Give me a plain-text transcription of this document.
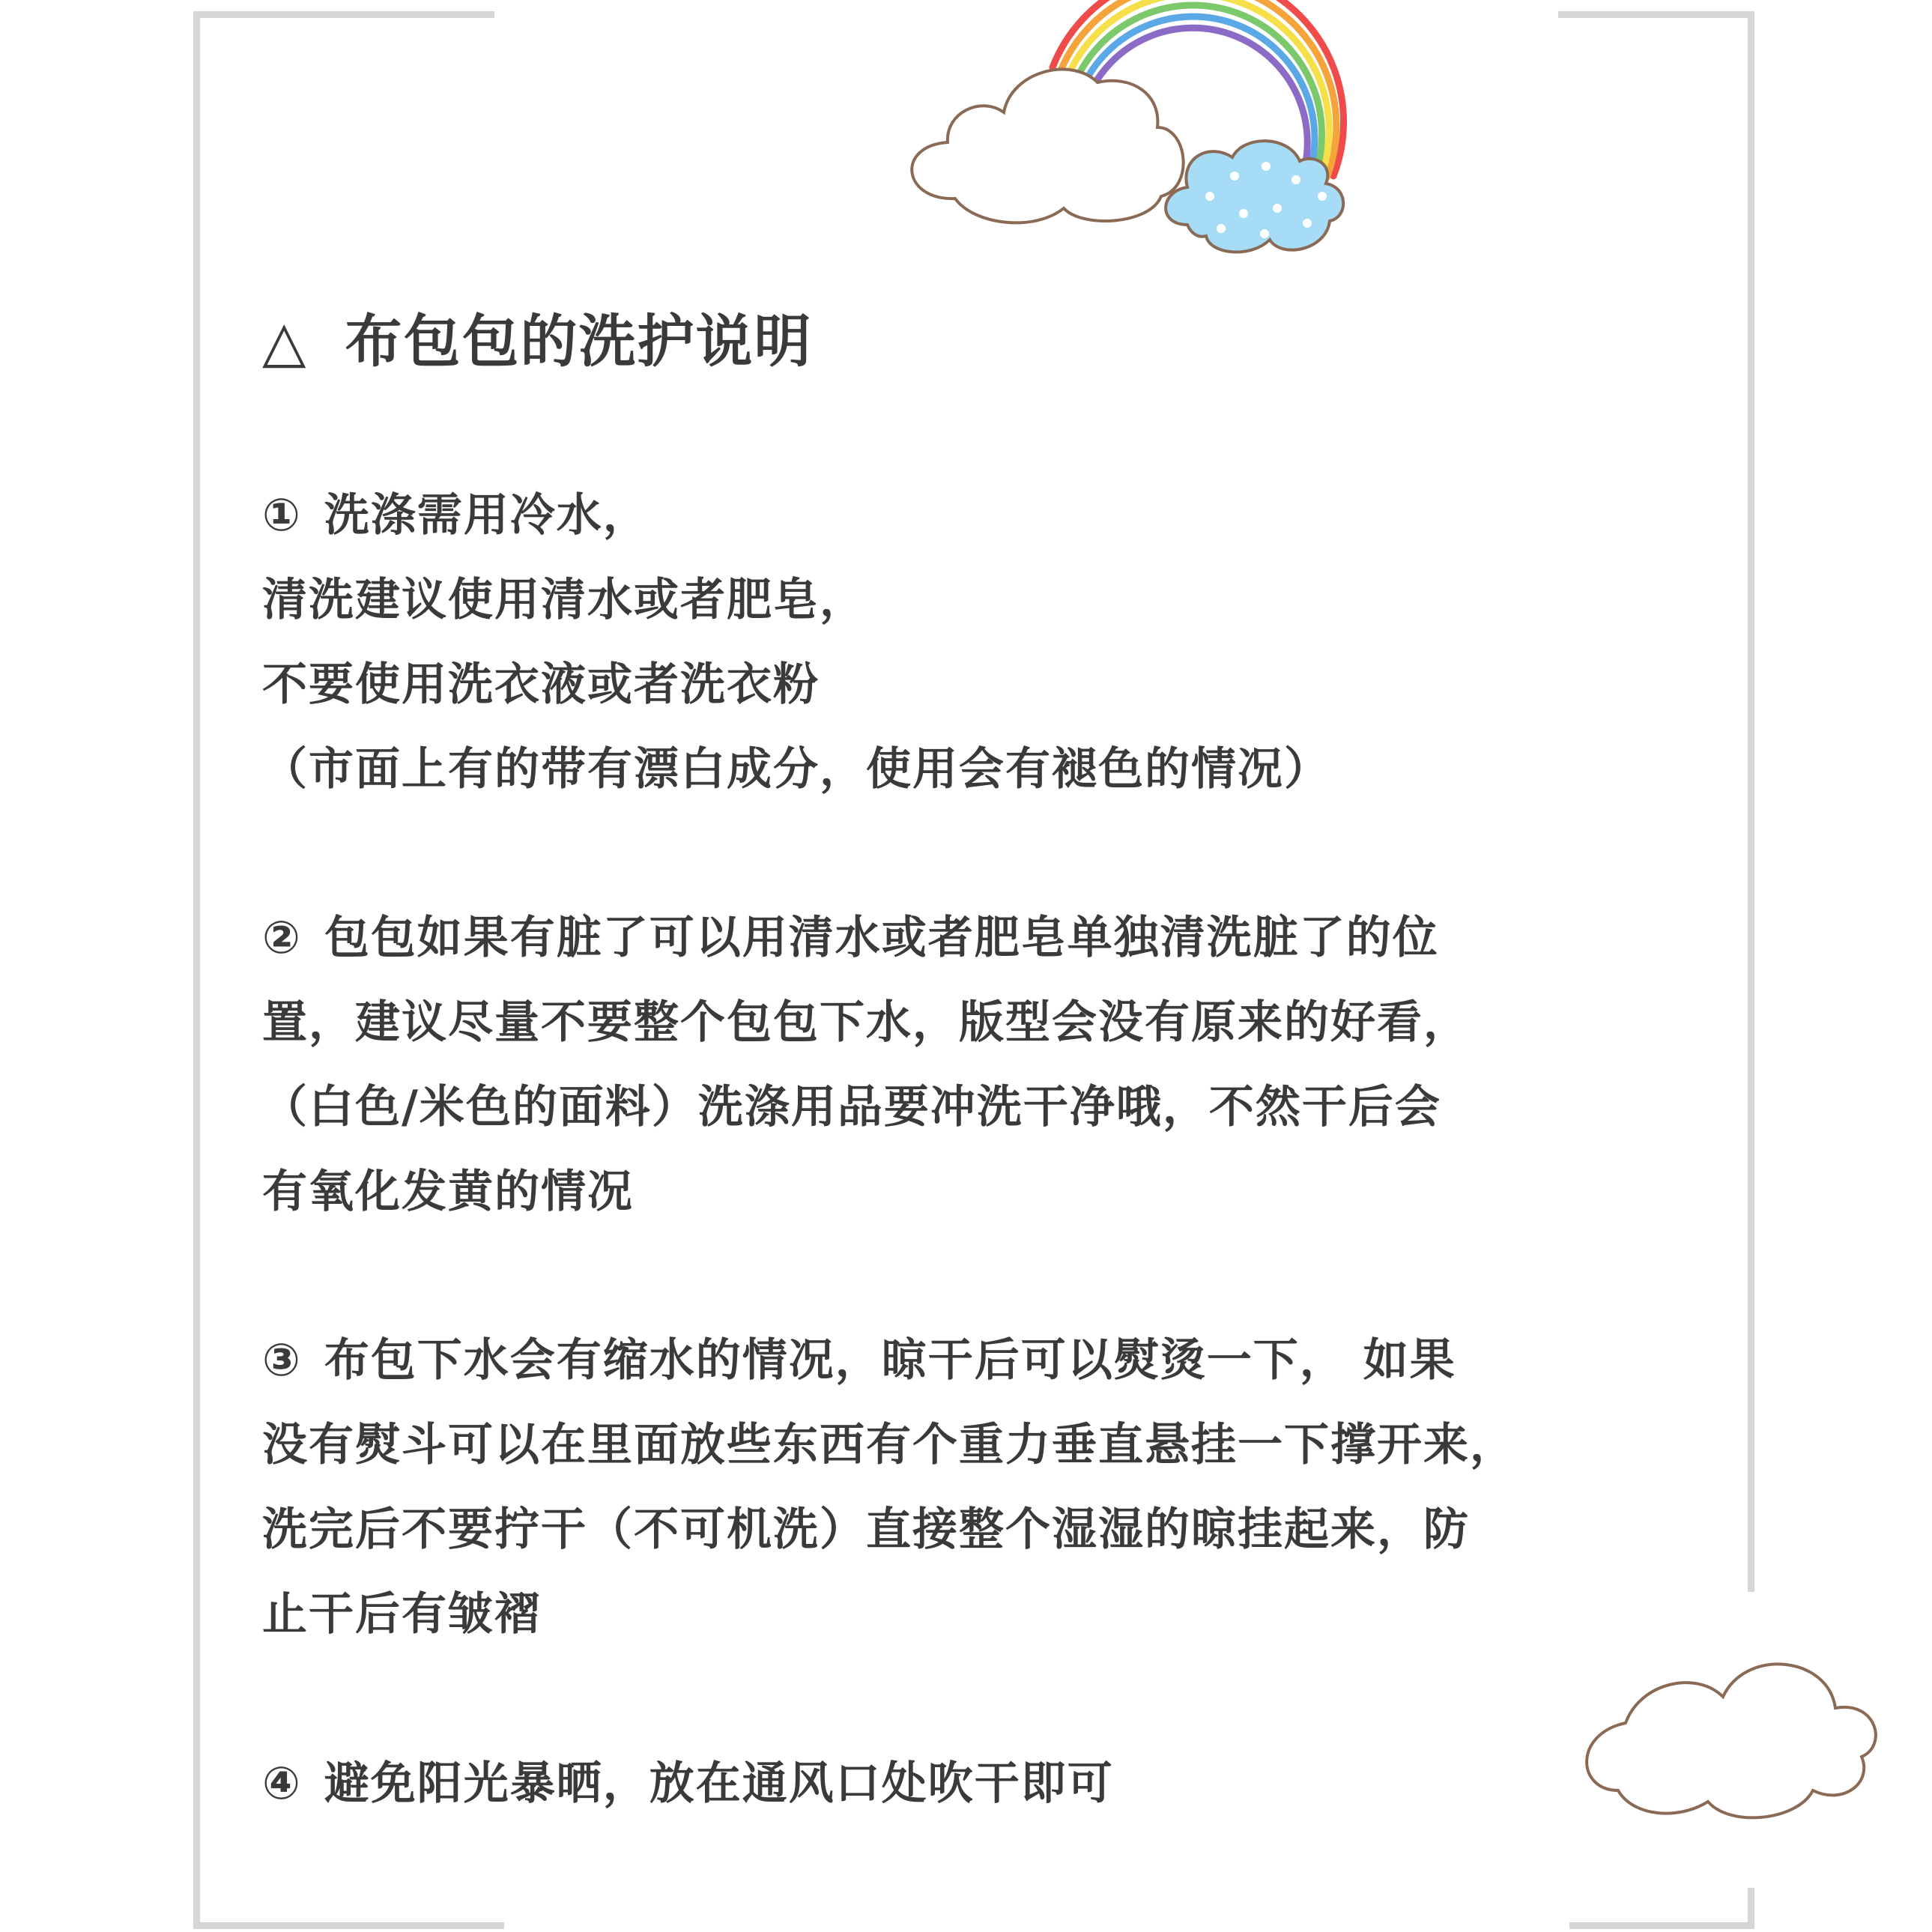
△ 布包包的洗护说明
① 洗涤需用冷水，
清洗建议使用清水或者肥皂，
不要使用洗衣液或者洗衣粉
（市面上有的带有漂白成分，使用会有褪色的情况）
② 包包如果有脏了可以用清水或者肥皂单独清洗脏了的位
置，建议尽量不要整个包包下水，版型会没有原来的好看，
（白色/米色的面料）洗涤用品要冲洗干净哦，不然干后会
有氧化发黄的情况
③ 布包下水会有缩水的情况，晾干后可以熨烫一下， 如果
没有熨斗可以在里面放些东西有个重力垂直悬挂一下撑开来，
洗完后不要拧干（不可机洗）直接整个湿湿的晾挂起来，防
止干后有皱褶
④ 避免阳光暴晒，放在通风口处吹干即可
